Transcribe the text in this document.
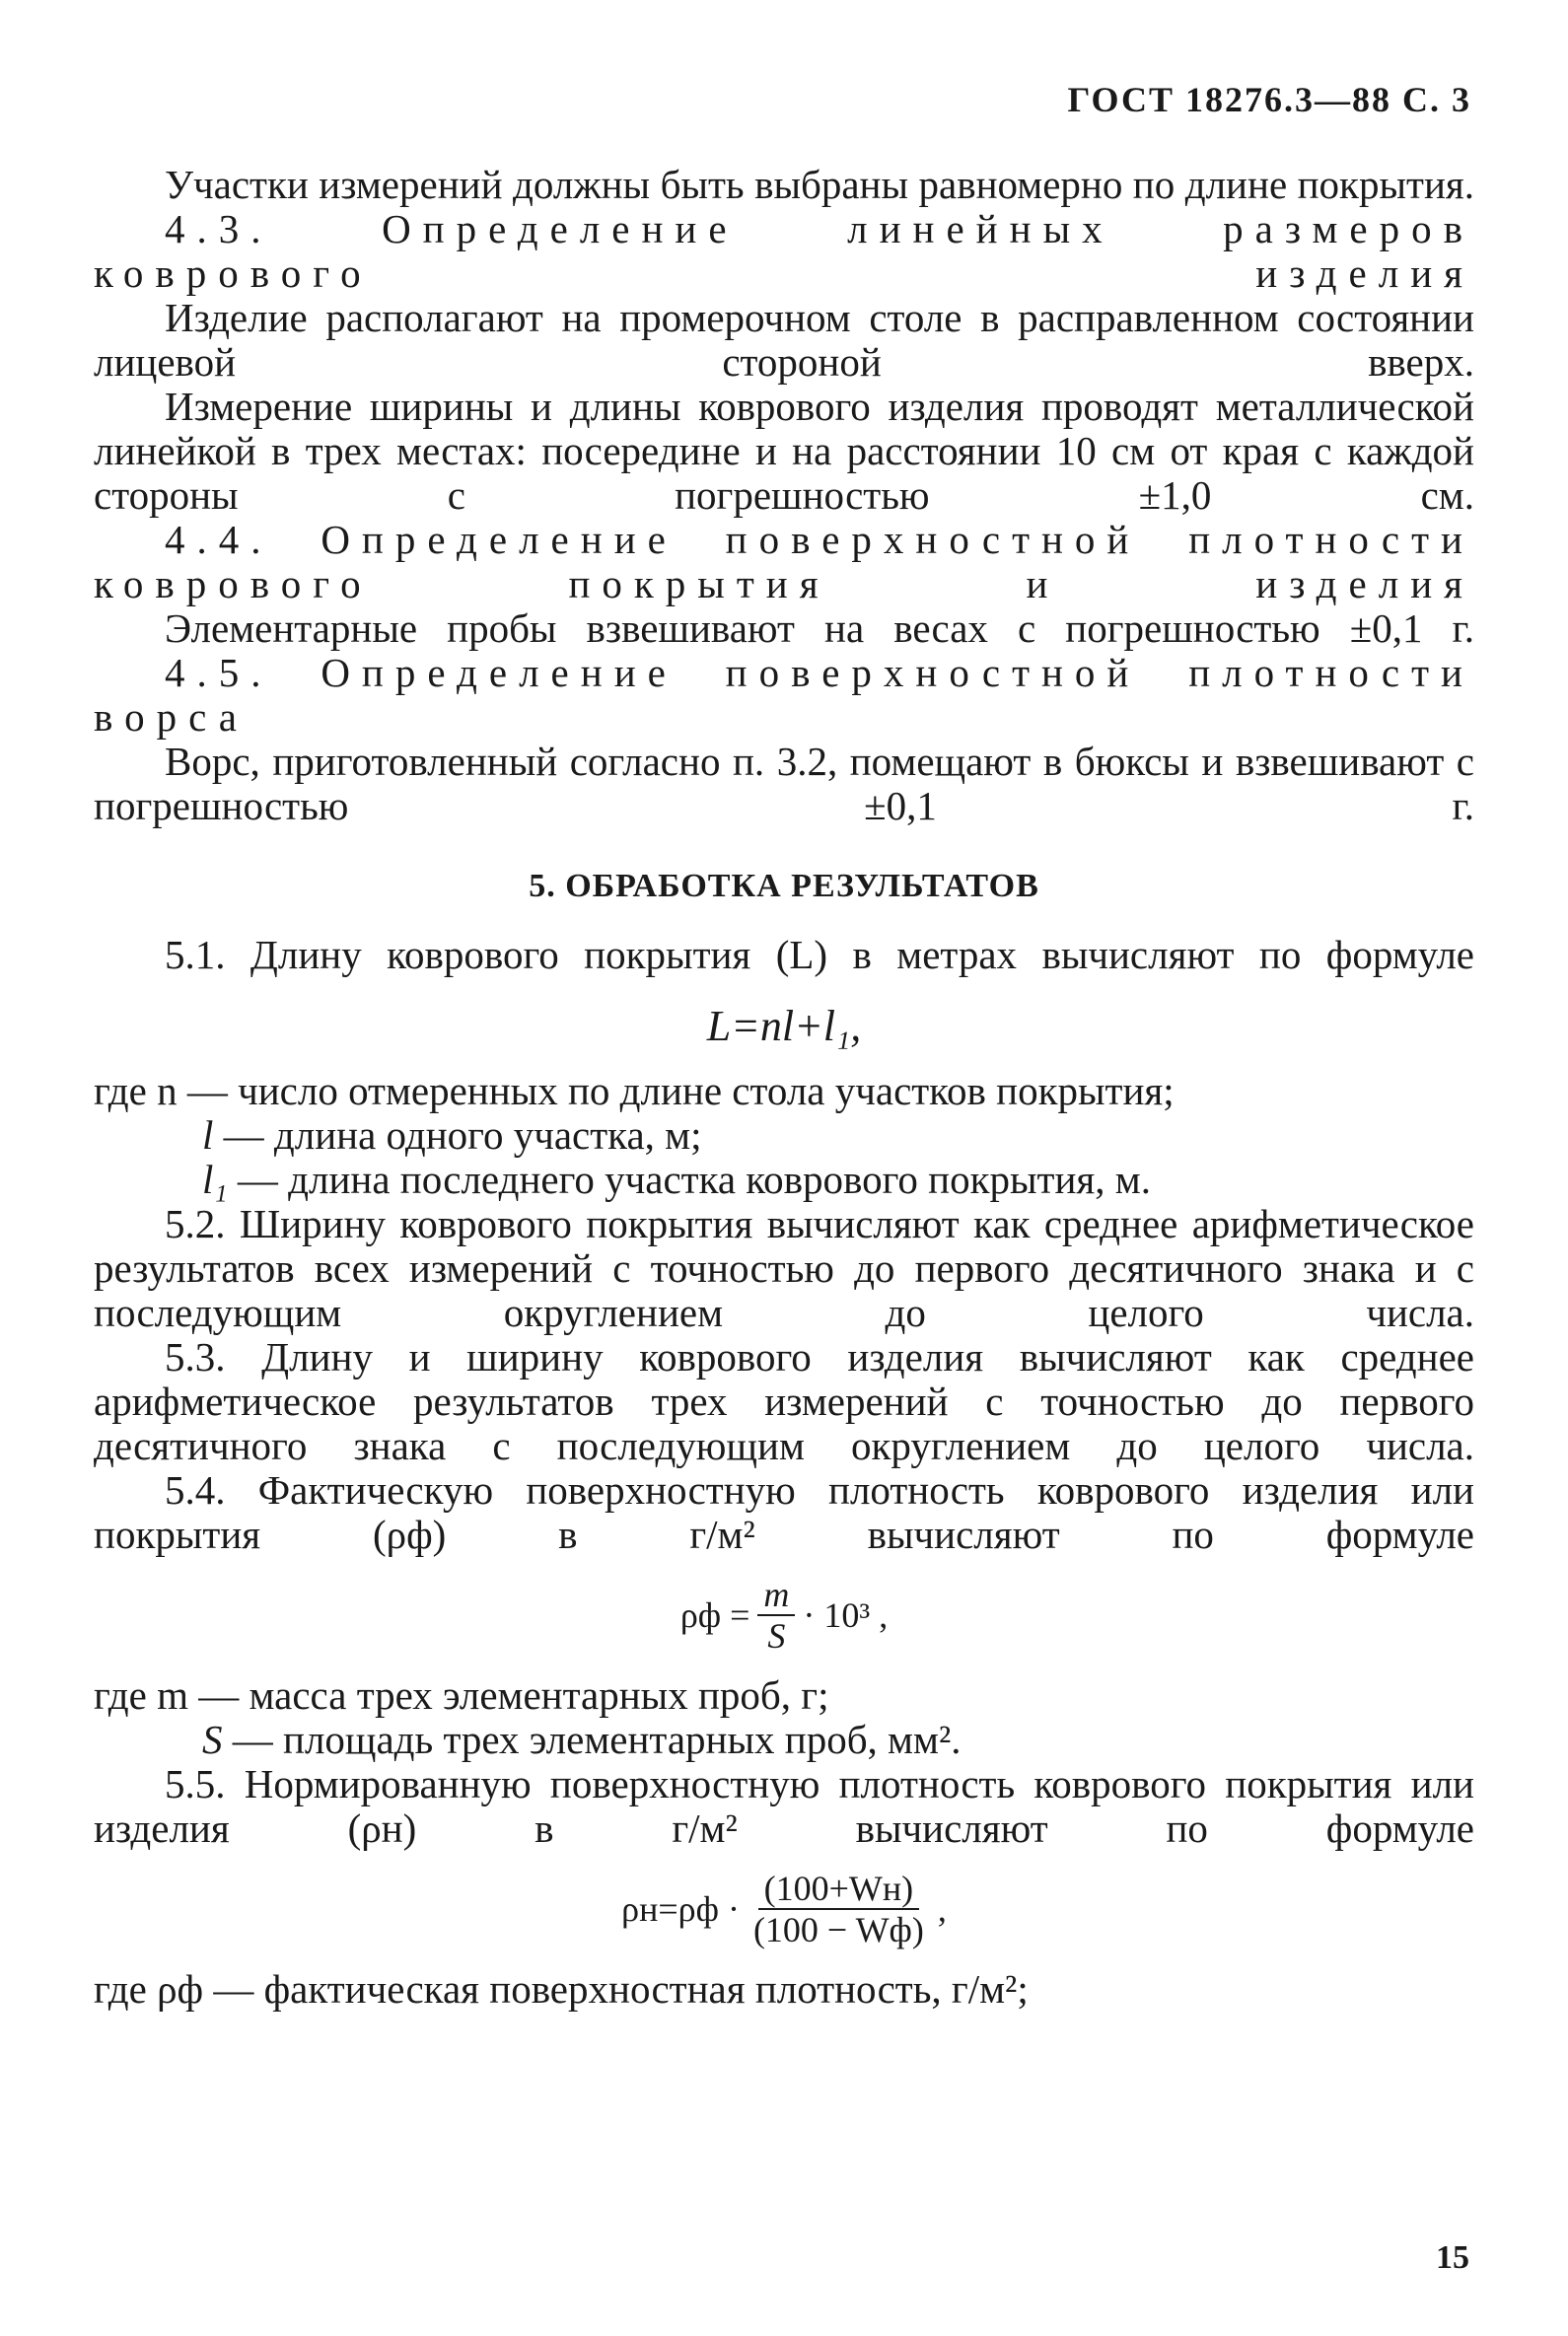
ГОСТ 18276.3—88 С. 3

Участки измерений должны быть выбраны равномерно по длине покрытия.

4.3. Определение линейных размеров коврового изделия

Изделие располагают на промерочном столе в расправленном состоянии лицевой стороной вверх.

Измерение ширины и длины коврового изделия проводят металлической линейкой в трех местах: посередине и на расстоянии 10 см от края с каждой стороны с погрешностью ±1,0 см.

4.4. Определение поверхностной плотности коврового покрытия и изделия

Элементарные пробы взвешивают на весах с погрешностью ±0,1 г.

4.5. Определение поверхностной плотности ворса

Ворс, приготовленный согласно п. 3.2, помещают в бюксы и взвешивают с погрешностью ±0,1 г.

5. ОБРАБОТКА РЕЗУЛЬТАТОВ

5.1. Длину коврового покрытия (L) в метрах вычисляют по формуле

L=nl+l₁,
где n — число отмеренных по длине стола участков покрытия;
l — длина одного участка, м;
l₁ — длина последнего участка коврового покрытия, м.

5.2. Ширину коврового покрытия вычисляют как среднее арифметическое результатов всех измерений с точностью до первого десятичного знака и с последующим округлением до целого числа.

5.3. Длину и ширину коврового изделия вычисляют как среднее арифметическое результатов трех измерений с точностью до первого десятичного знака с последующим округлением до целого числа.

5.4. Фактическую поверхностную плотность коврового изделия или покрытия (ρф) в г/м² вычисляют по формуле

$\rho ф = \frac{m}{S} \cdot 10^3$ ,
где m — масса трех элементарных проб, г;
S — площадь трех элементарных проб, мм².

5.5. Нормированную поверхностную плотность коврового покрытия или изделия (ρн) в г/м² вычисляют по формуле

$\rho н=\rho ф \cdot \frac{(100+Wн)}{(100 - Wф)}$ ,
где ρф — фактическая поверхностная плотность, г/м²;
15
